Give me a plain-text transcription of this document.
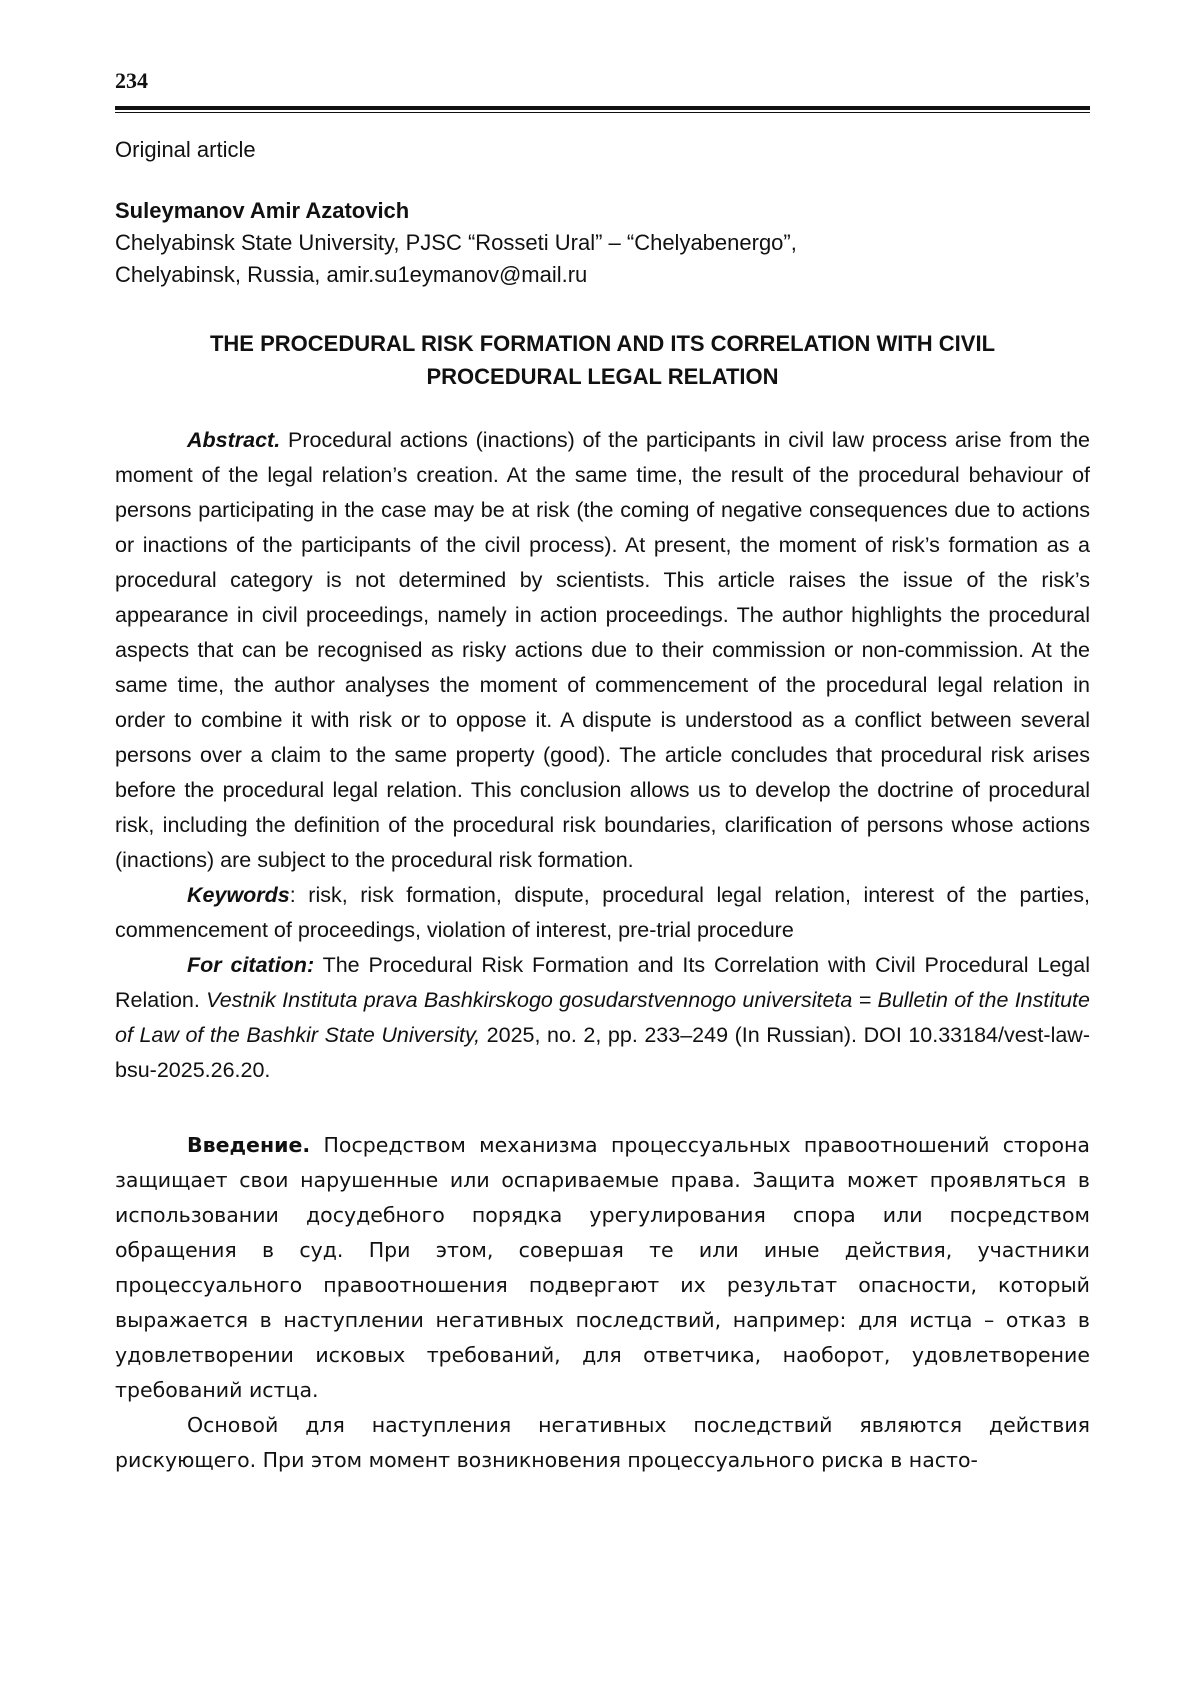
234
Original article
Suleymanov Amir Azatovich
Chelyabinsk State University, PJSC “Rosseti Ural” – “Chelyabenergo”,
Chelyabinsk, Russia, amir.su1eymanov@mail.ru
THE PROCEDURAL RISK FORMATION AND ITS CORRELATION WITH CIVIL PROCEDURAL LEGAL RELATION

Abstract. Procedural actions (inactions) of the participants in civil law process arise from the moment of the legal relation’s creation. At the same time, the result of the procedural behaviour of persons participating in the case may be at risk (the coming of negative consequences due to actions or inactions of the participants of the civil process). At present, the moment of risk’s formation as a procedural category is not determined by scientists. This article raises the issue of the risk’s appearance in civil proceedings, namely in action proceedings. The author highlights the procedural aspects that can be recognised as risky actions due to their commission or non-commission. At the same time, the author analyses the moment of commencement of the procedural legal relation in order to combine it with risk or to oppose it. A dispute is understood as a conflict between several persons over a claim to the same property (good). The article concludes that procedural risk arises before the procedural legal relation. This conclusion allows us to develop the doctrine of procedural risk, including the definition of the procedural risk boundaries, clarification of persons whose actions (inactions) are subject to the procedural risk formation.

Keywords: risk, risk formation, dispute, procedural legal relation, interest of the parties, commencement of proceedings, violation of interest, pre-trial procedure

For citation: The Procedural Risk Formation and Its Correlation with Civil Procedural Legal Relation. Vestnik Instituta prava Bashkirskogo gosudarstvennogo universiteta = Bulletin of the Institute of Law of the Bashkir State University, 2025, no. 2, pp. 233–249 (In Russian). DOI 10.33184/vest-law-bsu-2025.26.20.

Введение. Посредством механизма процессуальных правоотношений сторона защищает свои нарушенные или оспариваемые права. Защита может проявляться в использовании досудебного порядка урегулирования спора или посредством обращения в суд. При этом, совершая те или иные действия, участники процессуального правоотношения подвергают их результат опасности, который выражается в наступлении негативных последствий, например: для истца – отказ в удовлетворении исковых требований, для ответчика, наоборот, удовлетворение требований истца.

Основой для наступления негативных последствий являются действия рискующего. При этом момент возникновения процессуального риска в насто-
